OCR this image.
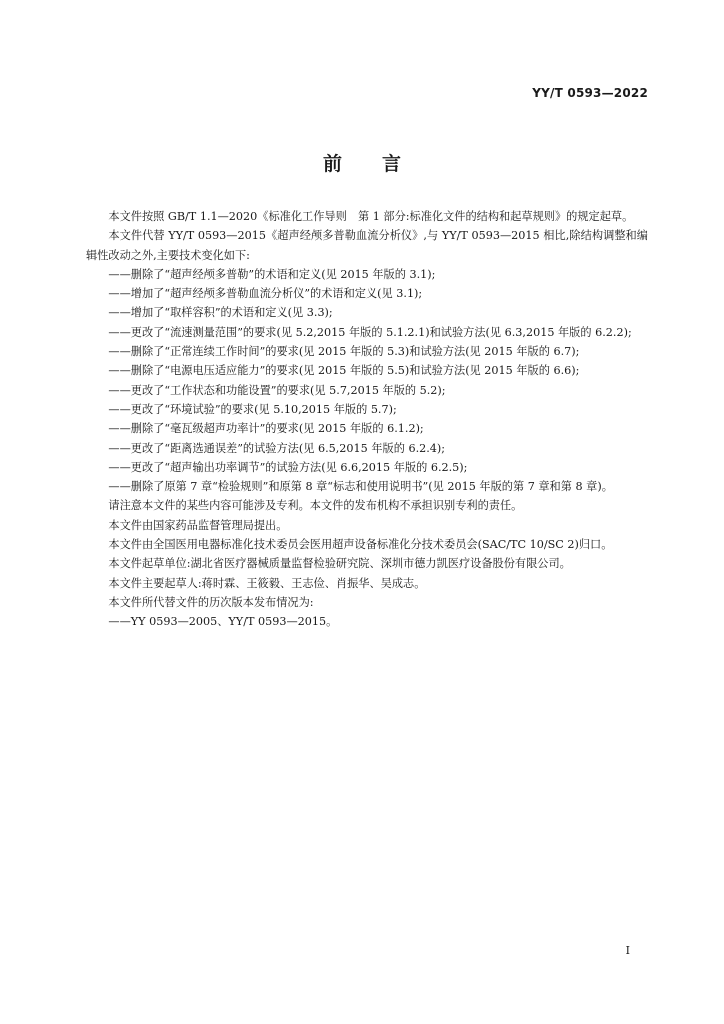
YY/T 0593—2022
前言

本文件按照 GB/T 1.1—2020《标准化工作导则　第 1 部分:标准化文件的结构和起草规则》的规定起草。

本文件代替 YY/T 0593—2015《超声经颅多普勒血流分析仪》,与 YY/T 0593—2015 相比,除结构调整和编辑性改动之外,主要技术变化如下:

——删除了“超声经颅多普勒”的术语和定义(见 2015 年版的 3.1);

——增加了“超声经颅多普勒血流分析仪”的术语和定义(见 3.1);

——增加了“取样容积”的术语和定义(见 3.3);

——更改了“流速测量范围”的要求(见 5.2,2015 年版的 5.1.2.1)和试验方法(见 6.3,2015 年版的 6.2.2);

——删除了“正常连续工作时间”的要求(见 2015 年版的 5.3)和试验方法(见 2015 年版的 6.7);

——删除了“电源电压适应能力”的要求(见 2015 年版的 5.5)和试验方法(见 2015 年版的 6.6);

——更改了“工作状态和功能设置”的要求(见 5.7,2015 年版的 5.2);

——更改了“环境试验”的要求(见 5.10,2015 年版的 5.7);

——删除了“毫瓦级超声功率计”的要求(见 2015 年版的 6.1.2);

——更改了“距离选通误差”的试验方法(见 6.5,2015 年版的 6.2.4);

——更改了“超声输出功率调节”的试验方法(见 6.6,2015 年版的 6.2.5);

——删除了原第 7 章“检验规则”和原第 8 章“标志和使用说明书”(见 2015 年版的第 7 章和第 8 章)。

请注意本文件的某些内容可能涉及专利。本文件的发布机构不承担识别专利的责任。

本文件由国家药品监督管理局提出。

本文件由全国医用电器标准化技术委员会医用超声设备标准化分技术委员会(SAC/TC 10/SC 2)归口。

本文件起草单位:湖北省医疗器械质量监督检验研究院、深圳市德力凯医疗设备股份有限公司。

本文件主要起草人:蒋时霖、王筱毅、王志俭、肖振华、吴成志。

本文件所代替文件的历次版本发布情况为:

——YY 0593—2005、YY/T 0593—2015。

I
